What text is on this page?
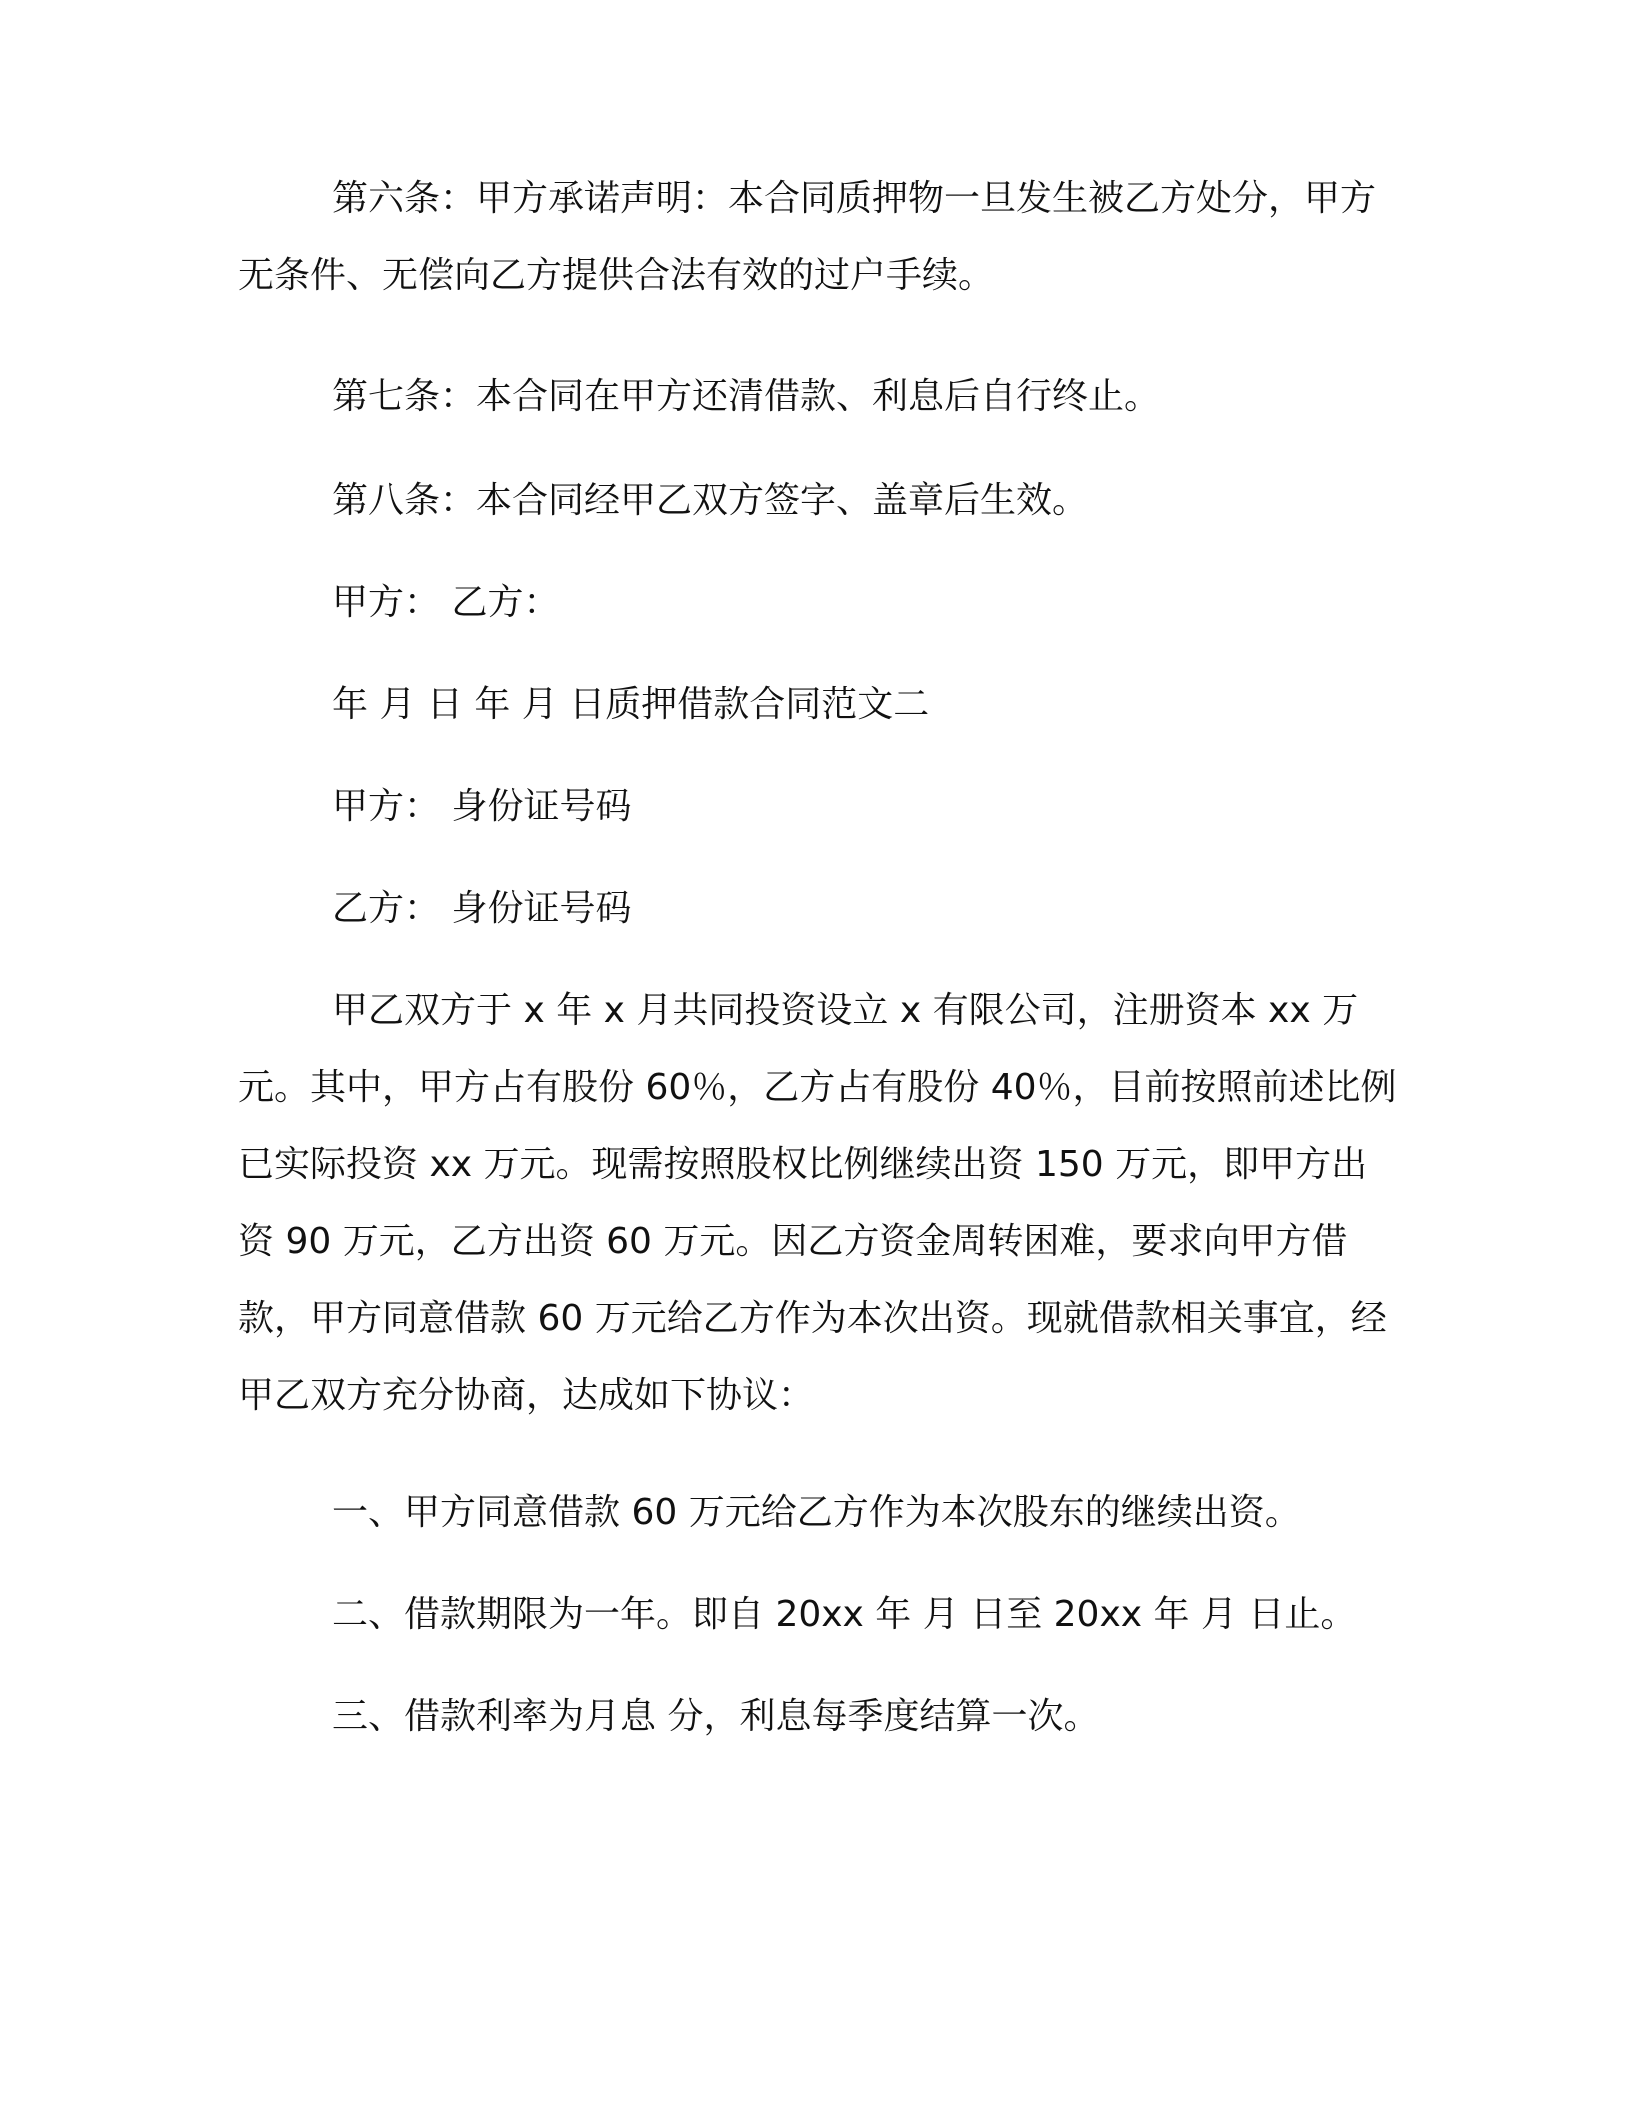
第六条：甲方承诺声明：本合同质押物一旦发生被乙方处分，甲方无条件、无偿向乙方提供合法有效的过户手续。

第七条：本合同在甲方还清借款、利息后自行终止。

第八条：本合同经甲乙双方签字、盖章后生效。

甲方： 乙方：

年 月 日 年 月 日质押借款合同范文二

甲方： 身份证号码

乙方： 身份证号码

甲乙双方于 x 年 x 月共同投资设立 x 有限公司，注册资本 xx 万元。其中，甲方占有股份 60％，乙方占有股份 40％，目前按照前述比例已实际投资 xx 万元。现需按照股权比例继续出资 150 万元，即甲方出资 90 万元，乙方出资 60 万元。因乙方资金周转困难，要求向甲方借款，甲方同意借款 60 万元给乙方作为本次出资。现就借款相关事宜，经甲乙双方充分协商，达成如下协议：

一、甲方同意借款 60 万元给乙方作为本次股东的继续出资。

二、借款期限为一年。即自 20xx 年 月 日至 20xx 年 月 日止。

三、借款利率为月息 分，利息每季度结算一次。
